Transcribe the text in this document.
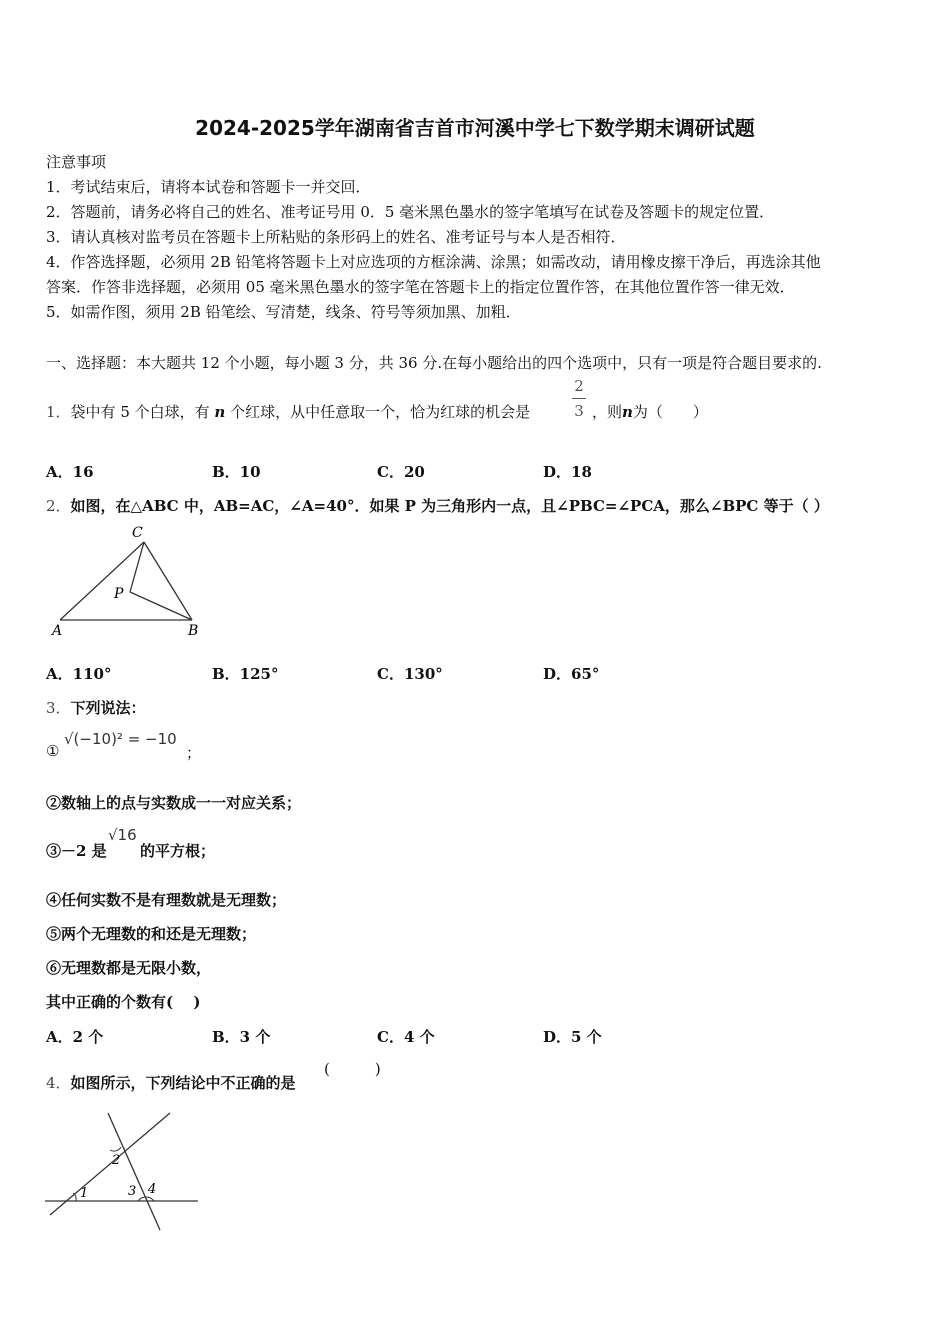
2024-2025学年湖南省吉首市河溪中学七下数学期末调研试题
注意事项
1．考试结束后，请将本试卷和答题卡一并交回．
2．答题前，请务必将自己的姓名、准考证号用 0．5 毫米黑色墨水的签字笔填写在试卷及答题卡的规定位置．
3．请认真核对监考员在答题卡上所粘贴的条形码上的姓名、准考证号与本人是否相符．
4．作答选择题，必须用 2B 铅笔将答题卡上对应选项的方框涂满、涂黑；如需改动，请用橡皮擦干净后，再选涂其他
答案．作答非选择题，必须用 05 毫米黑色墨水的签字笔在答题卡上的指定位置作答，在其他位置作答一律无效．
5．如需作图，须用 2B 铅笔绘、写清楚，线条、符号等须加黑、加粗．
一、选择题：本大题共 12 个小题，每小题 3 分，共 36 分.在每小题给出的四个选项中，只有一项是符合题目要求的.
1．袋中有 5 个白球，有 n 个红球，从中任意取一个，恰为红球的机会是
2
3 ，则n为（　　）
A．16	B．10	C．20	D．18
2．如图，在△ABC 中，AB=AC，∠A=40°．如果 P 为三角形内一点，且∠PBC=∠PCA，那么∠BPC 等于（ ）
C
P
A	B
A．110°	B．125°	C．130°	D．65°
3．下列说法：
①
√(−10)² = −10
；
②数轴上的点与实数成一一对应关系；
③－2 是
√16
的平方根；
④任何实数不是有理数就是无理数；
⑤两个无理数的和还是无理数；
⑥无理数都是无限小数，
其中正确的个数有(　 )
A．2 个	B．3 个	C．4 个	D．5 个
4．如图所示，下列结论中不正确的是
(　　　)
1
2
3 4
